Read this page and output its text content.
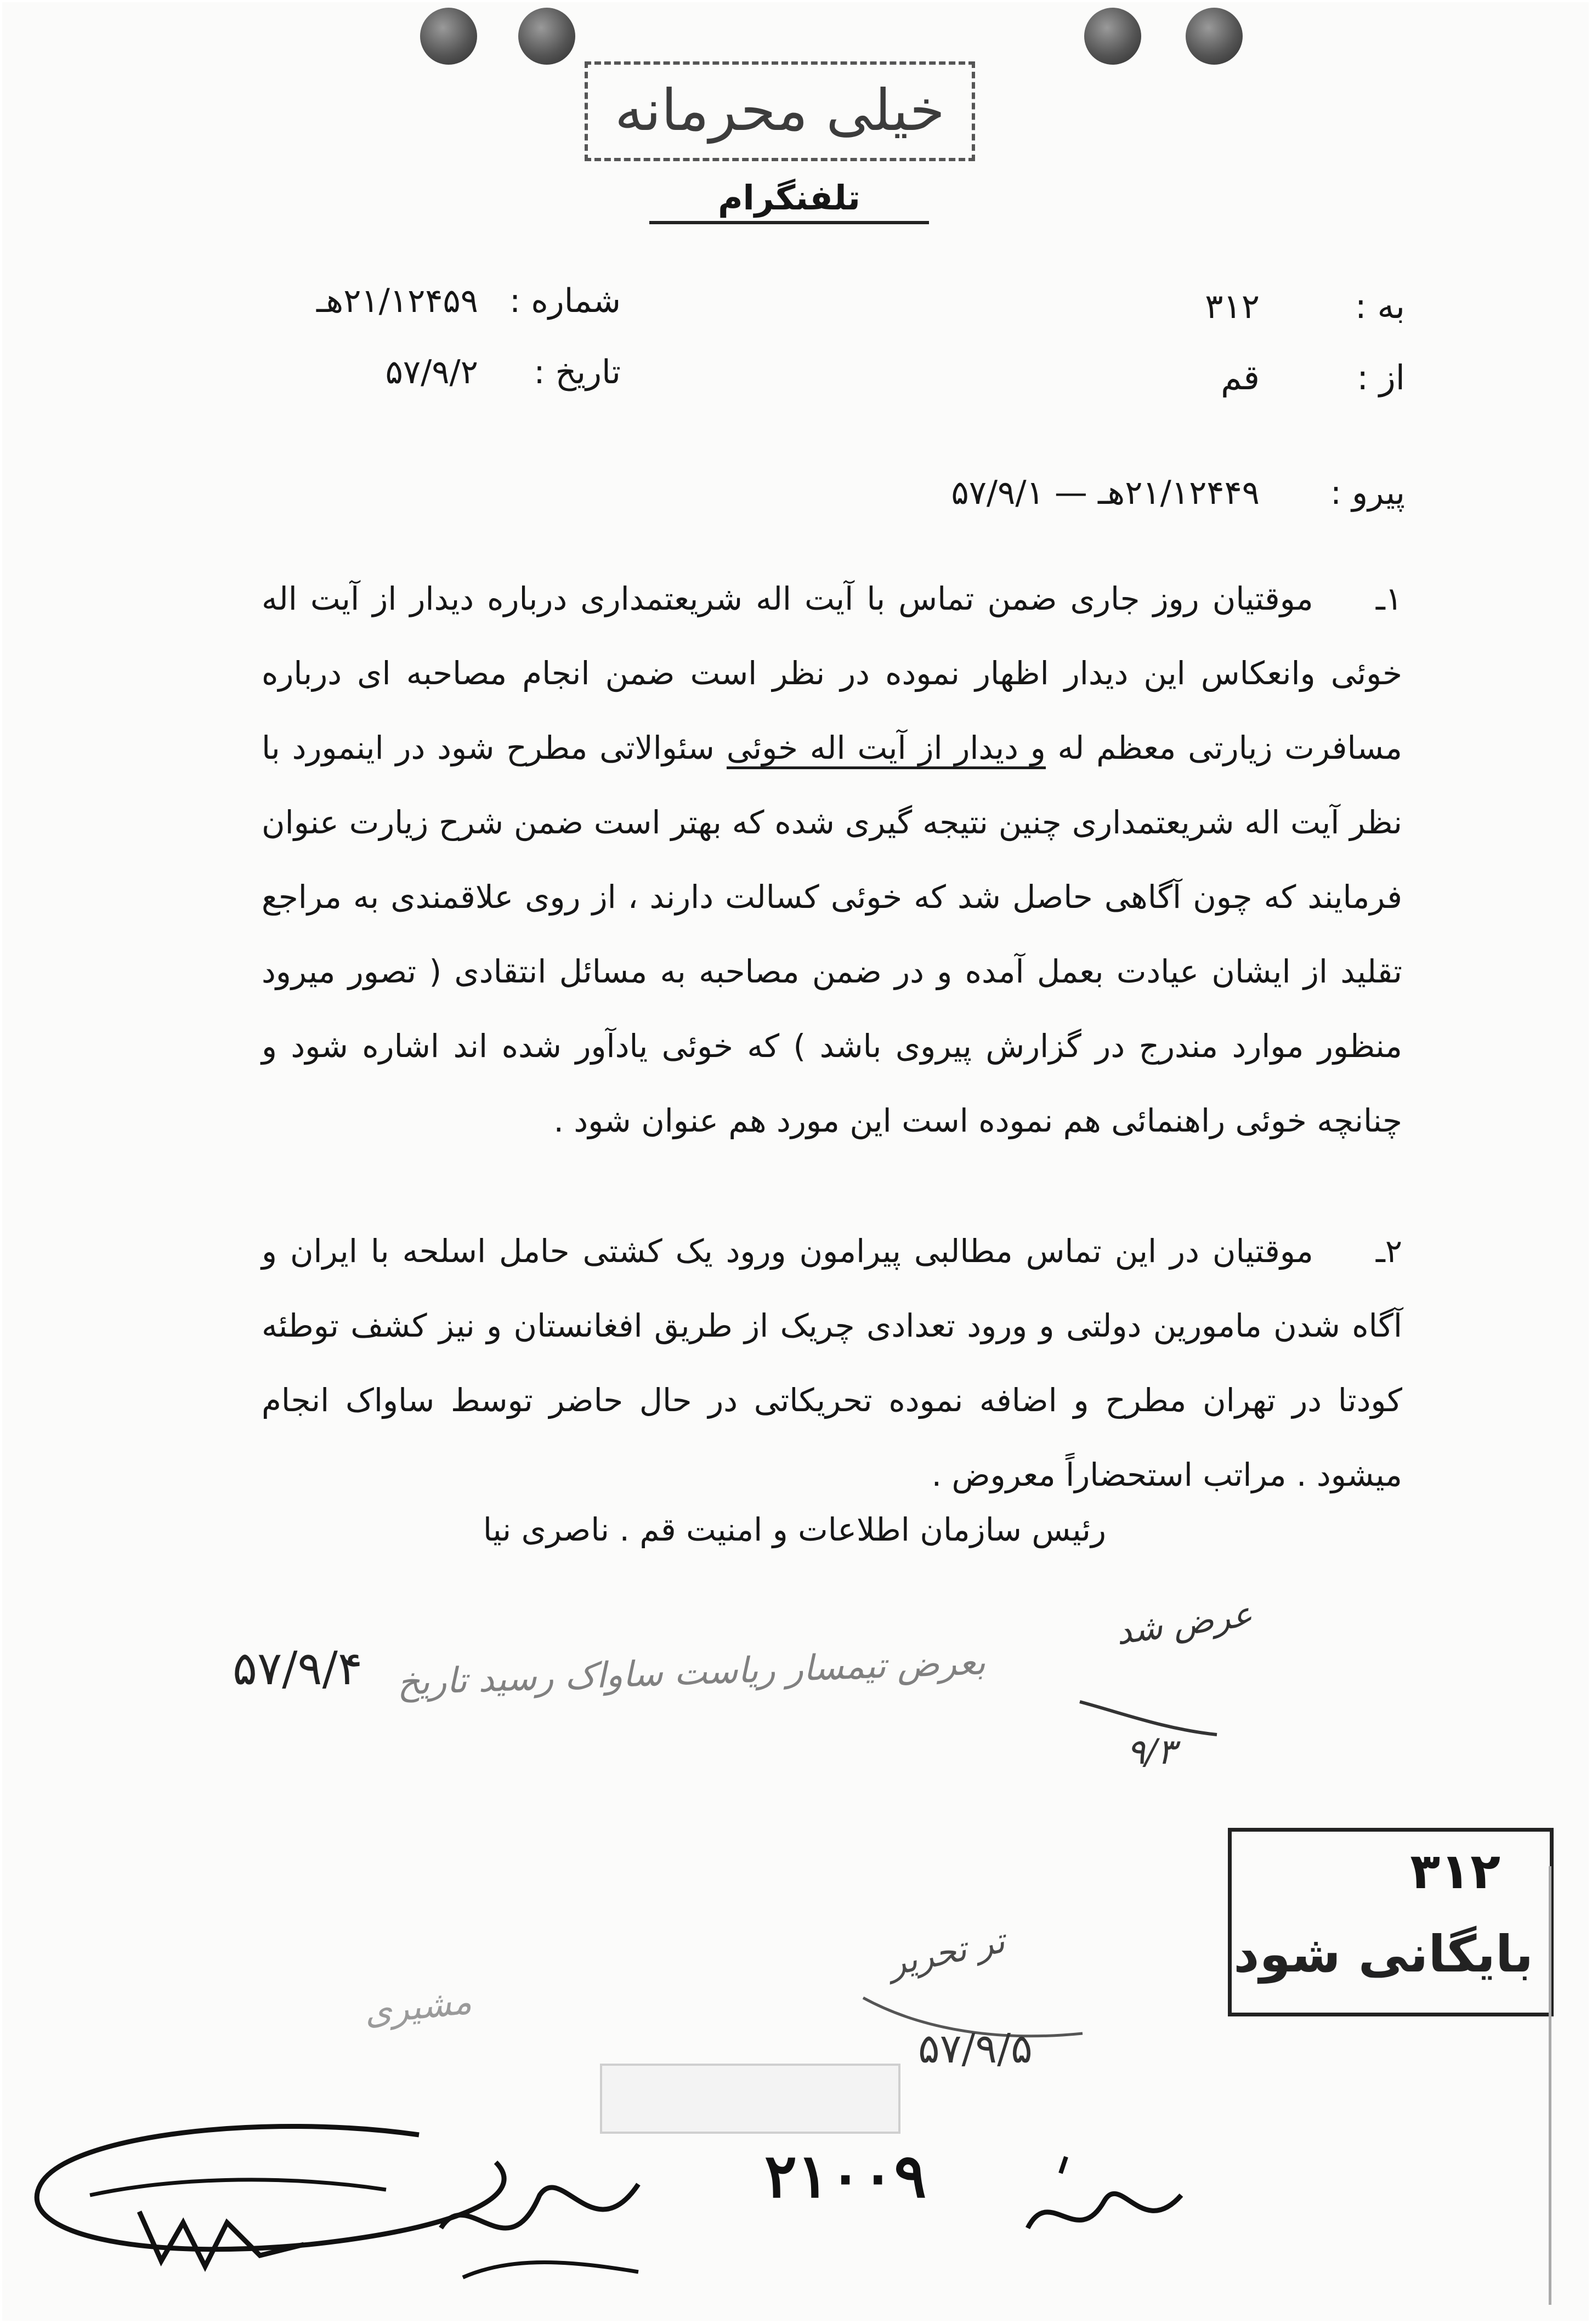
خیلی محرمانه
تلفنگرام
به :
۳۱۲
از :
قم
شماره :
۲۱/۱۲۴۵۹هـ
تاریخ :
۵۷/۹/۲
پیرو :
۲۱/۱۲۴۴۹هـ — ۵۷/۹/۱
۱ـ موقتیان روز جاری ضمن تماس با آیت اله شریعتمداری درباره دیدار از آیت اله خوئی وانعکاس این دیدار اظهار نموده در نظر است ضمن انجام مصاحبه ای درباره مسافرت زیارتی معظم له و دیدار از آیت اله خوئی سئوالاتی مطرح شود در اینمورد با نظر آیت اله شریعتمداری چنین نتیجه گیری شده که بهتر است ضمن شرح زیارت عنوان فرمایند که چون آگاهی حاصل شد که خوئی کسالت دارند ، از روی علاقمندی به مراجع تقلید از ایشان عیادت بعمل آمده و در ضمن مصاحبه به مسائل انتقادی ( تصور میرود منظور موارد مندرج در گزارش پیروی باشد ) که خوئی یادآور شده اند اشاره شود و چنانچه خوئی راهنمائی هم نموده است این مورد هم عنوان شود .
۲ـ موقتیان در این تماس مطالبی پیرامون ورود یک کشتی حامل اسلحه با ایران و آگاه شدن مامورین دولتی و ورود تعدادی چریک از طریق افغانستان و نیز کشف توطئه کودتا در تهران مطرح و اضافه نموده تحریکاتی در حال حاضر توسط ساواک انجام میشود . مراتب استحضاراً معروض .
رئیس سازمان اطلاعات و امنیت قم . ناصری نیا
عرض شد
۹/۳
بعرض تیمسار ریاست ساواک رسید تاریخ
۵۷/۹/۴
۳۱۲
بایگانی شود
تر تحریر
۵۷/۹/۵
مشیری
۲۱۰۰۹
